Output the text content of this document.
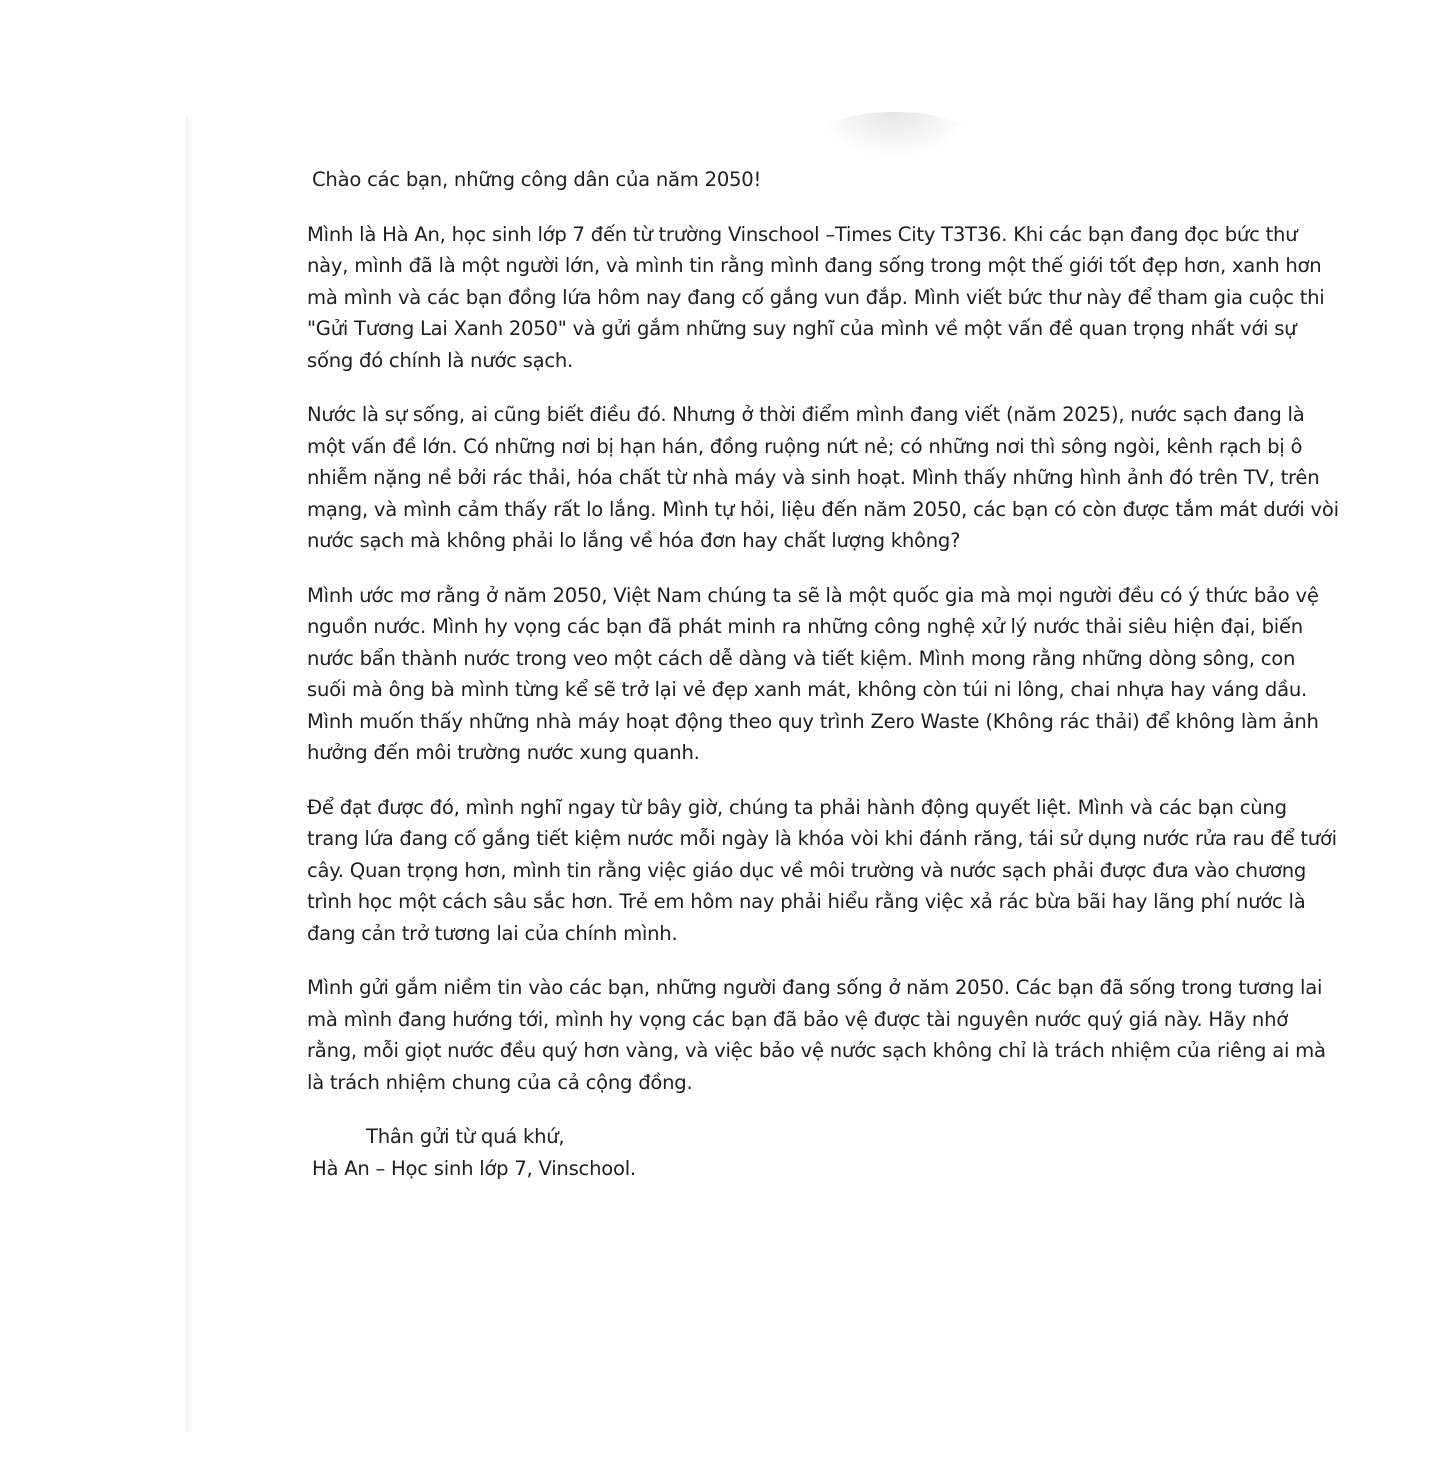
Chào các bạn, những công dân của năm 2050!

Mình là Hà An, học sinh lớp 7 đến từ trường Vinschool –Times City T3T36. Khi các bạn đang đọc bức thư này, mình đã là một người lớn, và mình tin rằng mình đang sống trong một thế giới tốt đẹp hơn, xanh hơn mà mình và các bạn đồng lứa hôm nay đang cố gắng vun đắp. Mình viết bức thư này để tham gia cuộc thi "Gửi Tương Lai Xanh 2050" và gửi gắm những suy nghĩ của mình về một vấn đề quan trọng nhất với sự sống đó chính là nước sạch.

Nước là sự sống, ai cũng biết điều đó. Nhưng ở thời điểm mình đang viết (năm 2025), nước sạch đang là một vấn đề lớn. Có những nơi bị hạn hán, đồng ruộng nứt nẻ; có những nơi thì sông ngòi, kênh rạch bị ô nhiễm nặng nề bởi rác thải, hóa chất từ nhà máy và sinh hoạt. Mình thấy những hình ảnh đó trên TV, trên mạng, và mình cảm thấy rất lo lắng. Mình tự hỏi, liệu đến năm 2050, các bạn có còn được tắm mát dưới vòi nước sạch mà không phải lo lắng về hóa đơn hay chất lượng không?

Mình ước mơ rằng ở năm 2050, Việt Nam chúng ta sẽ là một quốc gia mà mọi người đều có ý thức bảo vệ nguồn nước. Mình hy vọng các bạn đã phát minh ra những công nghệ xử lý nước thải siêu hiện đại, biến nước bẩn thành nước trong veo một cách dễ dàng và tiết kiệm. Mình mong rằng những dòng sông, con suối mà ông bà mình từng kể sẽ trở lại vẻ đẹp xanh mát, không còn túi ni lông, chai nhựa hay váng dầu. Mình muốn thấy những nhà máy hoạt động theo quy trình Zero Waste (Không rác thải) để không làm ảnh hưởng đến môi trường nước xung quanh.

Để đạt được đó, mình nghĩ ngay từ bây giờ, chúng ta phải hành động quyết liệt. Mình và các bạn cùng trang lứa đang cố gắng tiết kiệm nước mỗi ngày là khóa vòi khi đánh răng, tái sử dụng nước rửa rau để tưới cây. Quan trọng hơn, mình tin rằng việc giáo dục về môi trường và nước sạch phải được đưa vào chương trình học một cách sâu sắc hơn. Trẻ em hôm nay phải hiểu rằng việc xả rác bừa bãi hay lãng phí nước là đang cản trở tương lai của chính mình.

Mình gửi gắm niềm tin vào các bạn, những người đang sống ở năm 2050. Các bạn đã sống trong tương lai mà mình đang hướng tới, mình hy vọng các bạn đã bảo vệ được tài nguyên nước quý giá này. Hãy nhớ rằng, mỗi giọt nước đều quý hơn vàng, và việc bảo vệ nước sạch không chỉ là trách nhiệm của riêng ai mà là trách nhiệm chung của cả cộng đồng.

Thân gửi từ quá khứ,

Hà An – Học sinh lớp 7, Vinschool.
